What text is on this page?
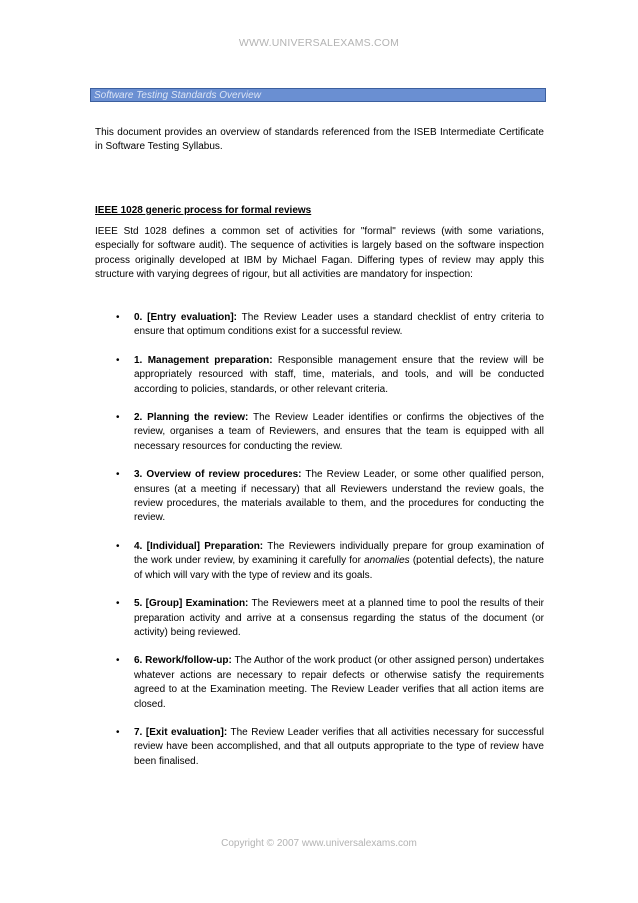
WWW.UNIVERSALEXAMS.COM
Software Testing Standards Overview
This document provides an overview of standards referenced from the ISEB Intermediate Certificate in Software Testing Syllabus.
IEEE 1028 generic process for formal reviews
IEEE Std 1028 defines a common set of activities for "formal" reviews (with some variations, especially for software audit). The sequence of activities is largely based on the software inspection process originally developed at IBM by Michael Fagan. Differing types of review may apply this structure with varying degrees of rigour, but all activities are mandatory for inspection:
• 0. [Entry evaluation]: The Review Leader uses a standard checklist of entry criteria to ensure that optimum conditions exist for a successful review.
• 1. Management preparation: Responsible management ensure that the review will be appropriately resourced with staff, time, materials, and tools, and will be conducted according to policies, standards, or other relevant criteria.
• 2. Planning the review: The Review Leader identifies or confirms the objectives of the review, organises a team of Reviewers, and ensures that the team is equipped with all necessary resources for conducting the review.
• 3. Overview of review procedures: The Review Leader, or some other qualified person, ensures (at a meeting if necessary) that all Reviewers understand the review goals, the review procedures, the materials available to them, and the procedures for conducting the review.
• 4. [Individual] Preparation: The Reviewers individually prepare for group examination of the work under review, by examining it carefully for anomalies (potential defects), the nature of which will vary with the type of review and its goals.
• 5. [Group] Examination: The Reviewers meet at a planned time to pool the results of their preparation activity and arrive at a consensus regarding the status of the document (or activity) being reviewed.
• 6. Rework/follow-up: The Author of the work product (or other assigned person) undertakes whatever actions are necessary to repair defects or otherwise satisfy the requirements agreed to at the Examination meeting. The Review Leader verifies that all action items are closed.
• 7. [Exit evaluation]: The Review Leader verifies that all activities necessary for successful review have been accomplished, and that all outputs appropriate to the type of review have been finalised.
Copyright © 2007 www.universalexams.com
